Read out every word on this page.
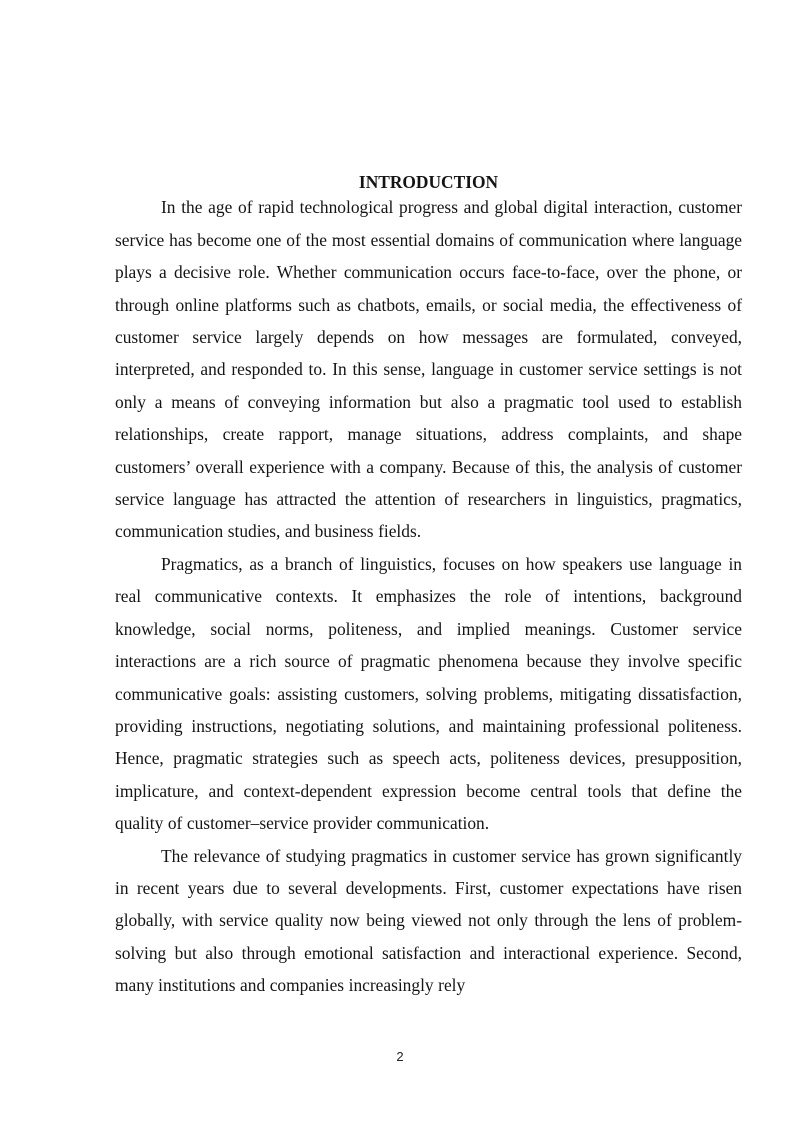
INTRODUCTION

In the age of rapid technological progress and global digital interaction, customer service has become one of the most essential domains of communication where language plays a decisive role. Whether communication occurs face-to-face, over the phone, or through online platforms such as chatbots, emails, or social media, the effectiveness of customer service largely depends on how messages are formulated, conveyed, interpreted, and responded to. In this sense, language in customer service settings is not only a means of conveying information but also a pragmatic tool used to establish relationships, create rapport, manage situations, address complaints, and shape customers’ overall experience with a company. Because of this, the analysis of customer service language has attracted the attention of researchers in linguistics, pragmatics, communication studies, and business fields.

Pragmatics, as a branch of linguistics, focuses on how speakers use language in real communicative contexts. It emphasizes the role of intentions, background knowledge, social norms, politeness, and implied meanings. Customer service interactions are a rich source of pragmatic phenomena because they involve specific communicative goals: assisting customers, solving problems, mitigating dissatisfaction, providing instructions, negotiating solutions, and maintaining professional politeness. Hence, pragmatic strategies such as speech acts, politeness devices, presupposition, implicature, and context-dependent expression become central tools that define the quality of customer–service provider communication.

The relevance of studying pragmatics in customer service has grown significantly in recent years due to several developments. First, customer expectations have risen globally, with service quality now being viewed not only through the lens of problem-solving but also through emotional satisfaction and interactional experience. Second, many institutions and companies increasingly rely

2
